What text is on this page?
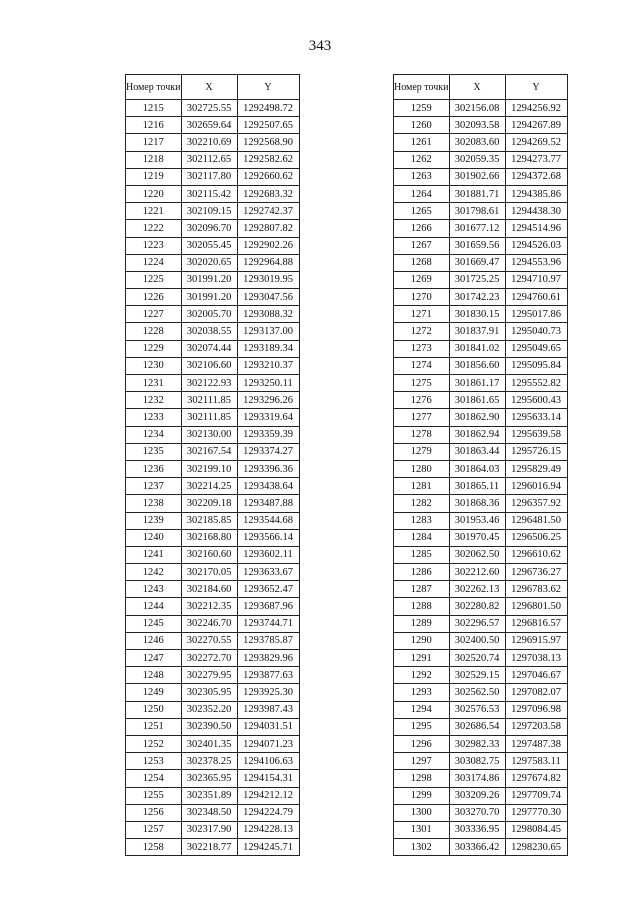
343
Номер точки	X	Y
1215	302725.55	1292498.72
1216	302659.64	1292507.65
1217	302210.69	1292568.90
1218	302112.65	1292582.62
1219	302117.80	1292660.62
1220	302115.42	1292683.32
1221	302109.15	1292742.37
1222	302096.70	1292807.82
1223	302055.45	1292902.26
1224	302020.65	1292964.88
1225	301991.20	1293019.95
1226	301991.20	1293047.56
1227	302005.70	1293088.32
1228	302038.55	1293137.00
1229	302074.44	1293189.34
1230	302106.60	1293210.37
1231	302122.93	1293250.11
1232	302111.85	1293296.26
1233	302111.85	1293319.64
1234	302130.00	1293359.39
1235	302167.54	1293374.27
1236	302199.10	1293396.36
1237	302214.25	1293438.64
1238	302209.18	1293487.88
1239	302185.85	1293544.68
1240	302168.80	1293566.14
1241	302160.60	1293602.11
1242	302170.05	1293633.67
1243	302184.60	1293652.47
1244	302212.35	1293687.96
1245	302246.70	1293744.71
1246	302270.55	1293785.87
1247	302272.70	1293829.96
1248	302279.95	1293877.63
1249	302305.95	1293925.30
1250	302352.20	1293987.43
1251	302390.50	1294031.51
1252	302401.35	1294071.23
1253	302378.25	1294106.63
1254	302365.95	1294154.31
1255	302351.89	1294212.12
1256	302348.50	1294224.79
1257	302317.90	1294228.13
1258	302218.77	1294245.71
Номер точки	X	Y
1259	302156.08	1294256.92
1260	302093.58	1294267.89
1261	302083.60	1294269.52
1262	302059.35	1294273.77
1263	301902.66	1294372.68
1264	301881.71	1294385.86
1265	301798.61	1294438.30
1266	301677.12	1294514.96
1267	301659.56	1294526.03
1268	301669.47	1294553.96
1269	301725.25	1294710.97
1270	301742.23	1294760.61
1271	301830.15	1295017.86
1272	301837.91	1295040.73
1273	301841.02	1295049.65
1274	301856.60	1295095.84
1275	301861.17	1295552.82
1276	301861.65	1295600.43
1277	301862.90	1295633.14
1278	301862.94	1295639.58
1279	301863.44	1295726.15
1280	301864.03	1295829.49
1281	301865.11	1296016.94
1282	301868.36	1296357.92
1283	301953.46	1296481.50
1284	301970.45	1296506.25
1285	302062.50	1296610.62
1286	302212.60	1296736.27
1287	302262.13	1296783.62
1288	302280.82	1296801.50
1289	302296.57	1296816.57
1290	302400.50	1296915.97
1291	302520.74	1297038.13
1292	302529.15	1297046.67
1293	302562.50	1297082.07
1294	302576.53	1297096.98
1295	302686.54	1297203.58
1296	302982.33	1297487.38
1297	303082.75	1297583.11
1298	303174.86	1297674.82
1299	303209.26	1297709.74
1300	303270.70	1297770.30
1301	303336.95	1298084.45
1302	303366.42	1298230.65
